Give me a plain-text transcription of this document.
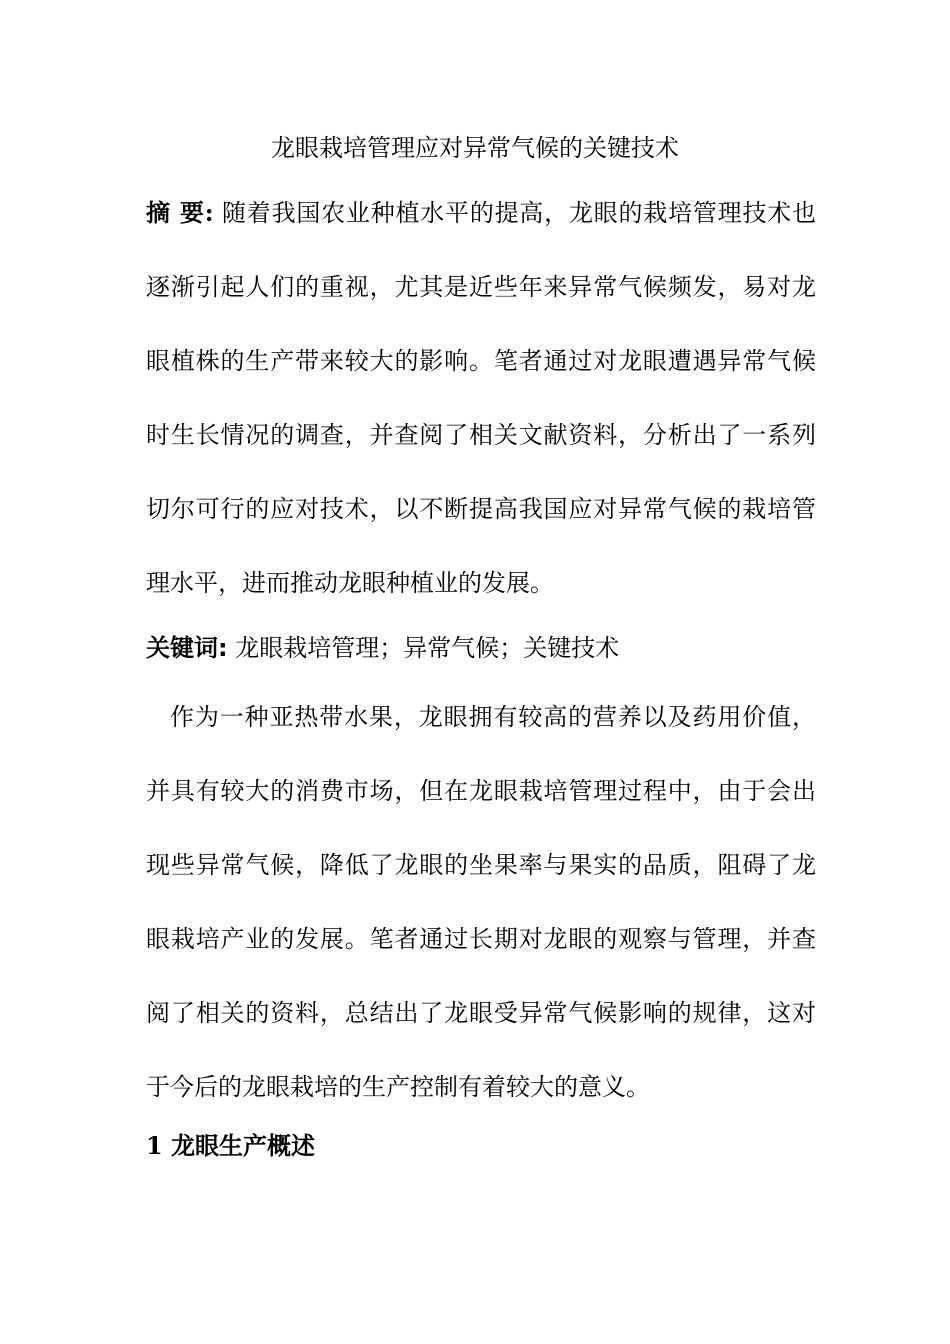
龙眼栽培管理应对异常气候的关键技术
摘 要: 随着我国农业种植水平的提高，龙眼的栽培管理技术也逐渐引起人们的重视，尤其是近些年来异常气候频发，易对龙眼植株的生产带来较大的影响。笔者通过对龙眼遭遇异常气候时生长情况的调查，并查阅了相关文献资料，分析出了一系列切尔可行的应对技术，以不断提高我国应对异常气候的栽培管理水平，进而推动龙眼种植业的发展。
关键词: 龙眼栽培管理；异常气候；关键技术
作为一种亚热带水果，龙眼拥有较高的营养以及药用价值，并具有较大的消费市场，但在龙眼栽培管理过程中，由于会出现些异常气候，降低了龙眼的坐果率与果实的品质，阻碍了龙眼栽培产业的发展。笔者通过长期对龙眼的观察与管理，并查阅了相关的资料，总结出了龙眼受异常气候影响的规律，这对于今后的龙眼栽培的生产控制有着较大的意义。
1 龙眼生产概述
